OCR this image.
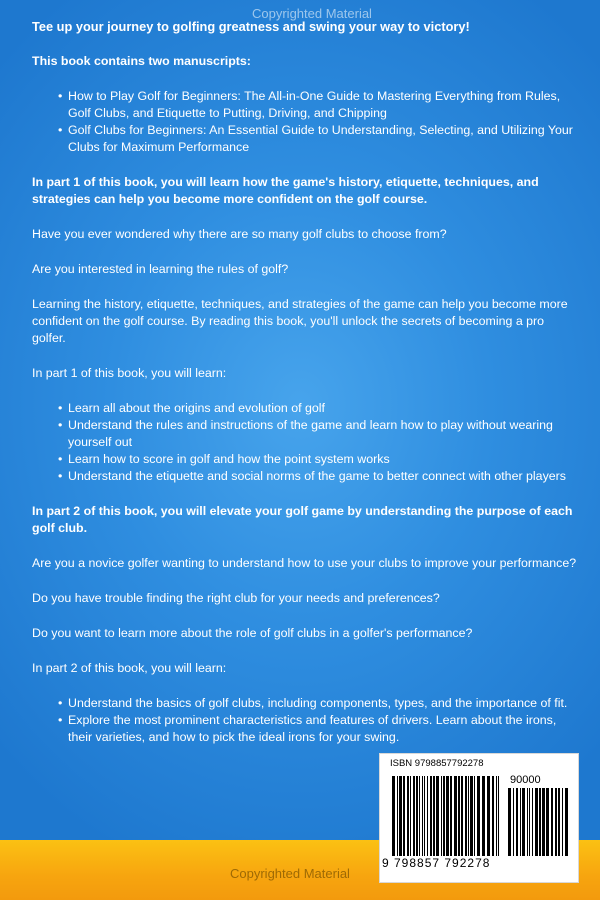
Copyrighted Material

Tee up your journey to golfing greatness and swing your way to victory!

This book contains two manuscripts:

• How to Play Golf for Beginners: The All-in-One Guide to Mastering Everything from Rules, Golf Clubs, and Etiquette to Putting, Driving, and Chipping
• Golf Clubs for Beginners: An Essential Guide to Understanding, Selecting, and Utilizing Your Clubs for Maximum Performance

In part 1 of this book, you will learn how the game's history, etiquette, techniques, and strategies can help you become more confident on the golf course.

Have you ever wondered why there are so many golf clubs to choose from?

Are you interested in learning the rules of golf?

Learning the history, etiquette, techniques, and strategies of the game can help you become more confident on the golf course. By reading this book, you'll unlock the secrets of becoming a pro golfer.

In part 1 of this book, you will learn:

• Learn all about the origins and evolution of golf
• Understand the rules and instructions of the game and learn how to play without wearing yourself out
• Learn how to score in golf and how the point system works
• Understand the etiquette and social norms of the game to better connect with other players

In part 2 of this book, you will elevate your golf game by understanding the purpose of each golf club.

Are you a novice golfer wanting to understand how to use your clubs to improve your performance?

Do you have trouble finding the right club for your needs and preferences?

Do you want to learn more about the role of golf clubs in a golfer's performance?

In part 2 of this book, you will learn:

• Understand the basics of golf clubs, including components, types, and the importance of fit.
• Explore the most prominent characteristics and features of drivers. Learn about the irons, their varieties, and how to pick the ideal irons for your swing.
Copyrighted Material
ISBN 9798857792278
90000
9 798857 792278
